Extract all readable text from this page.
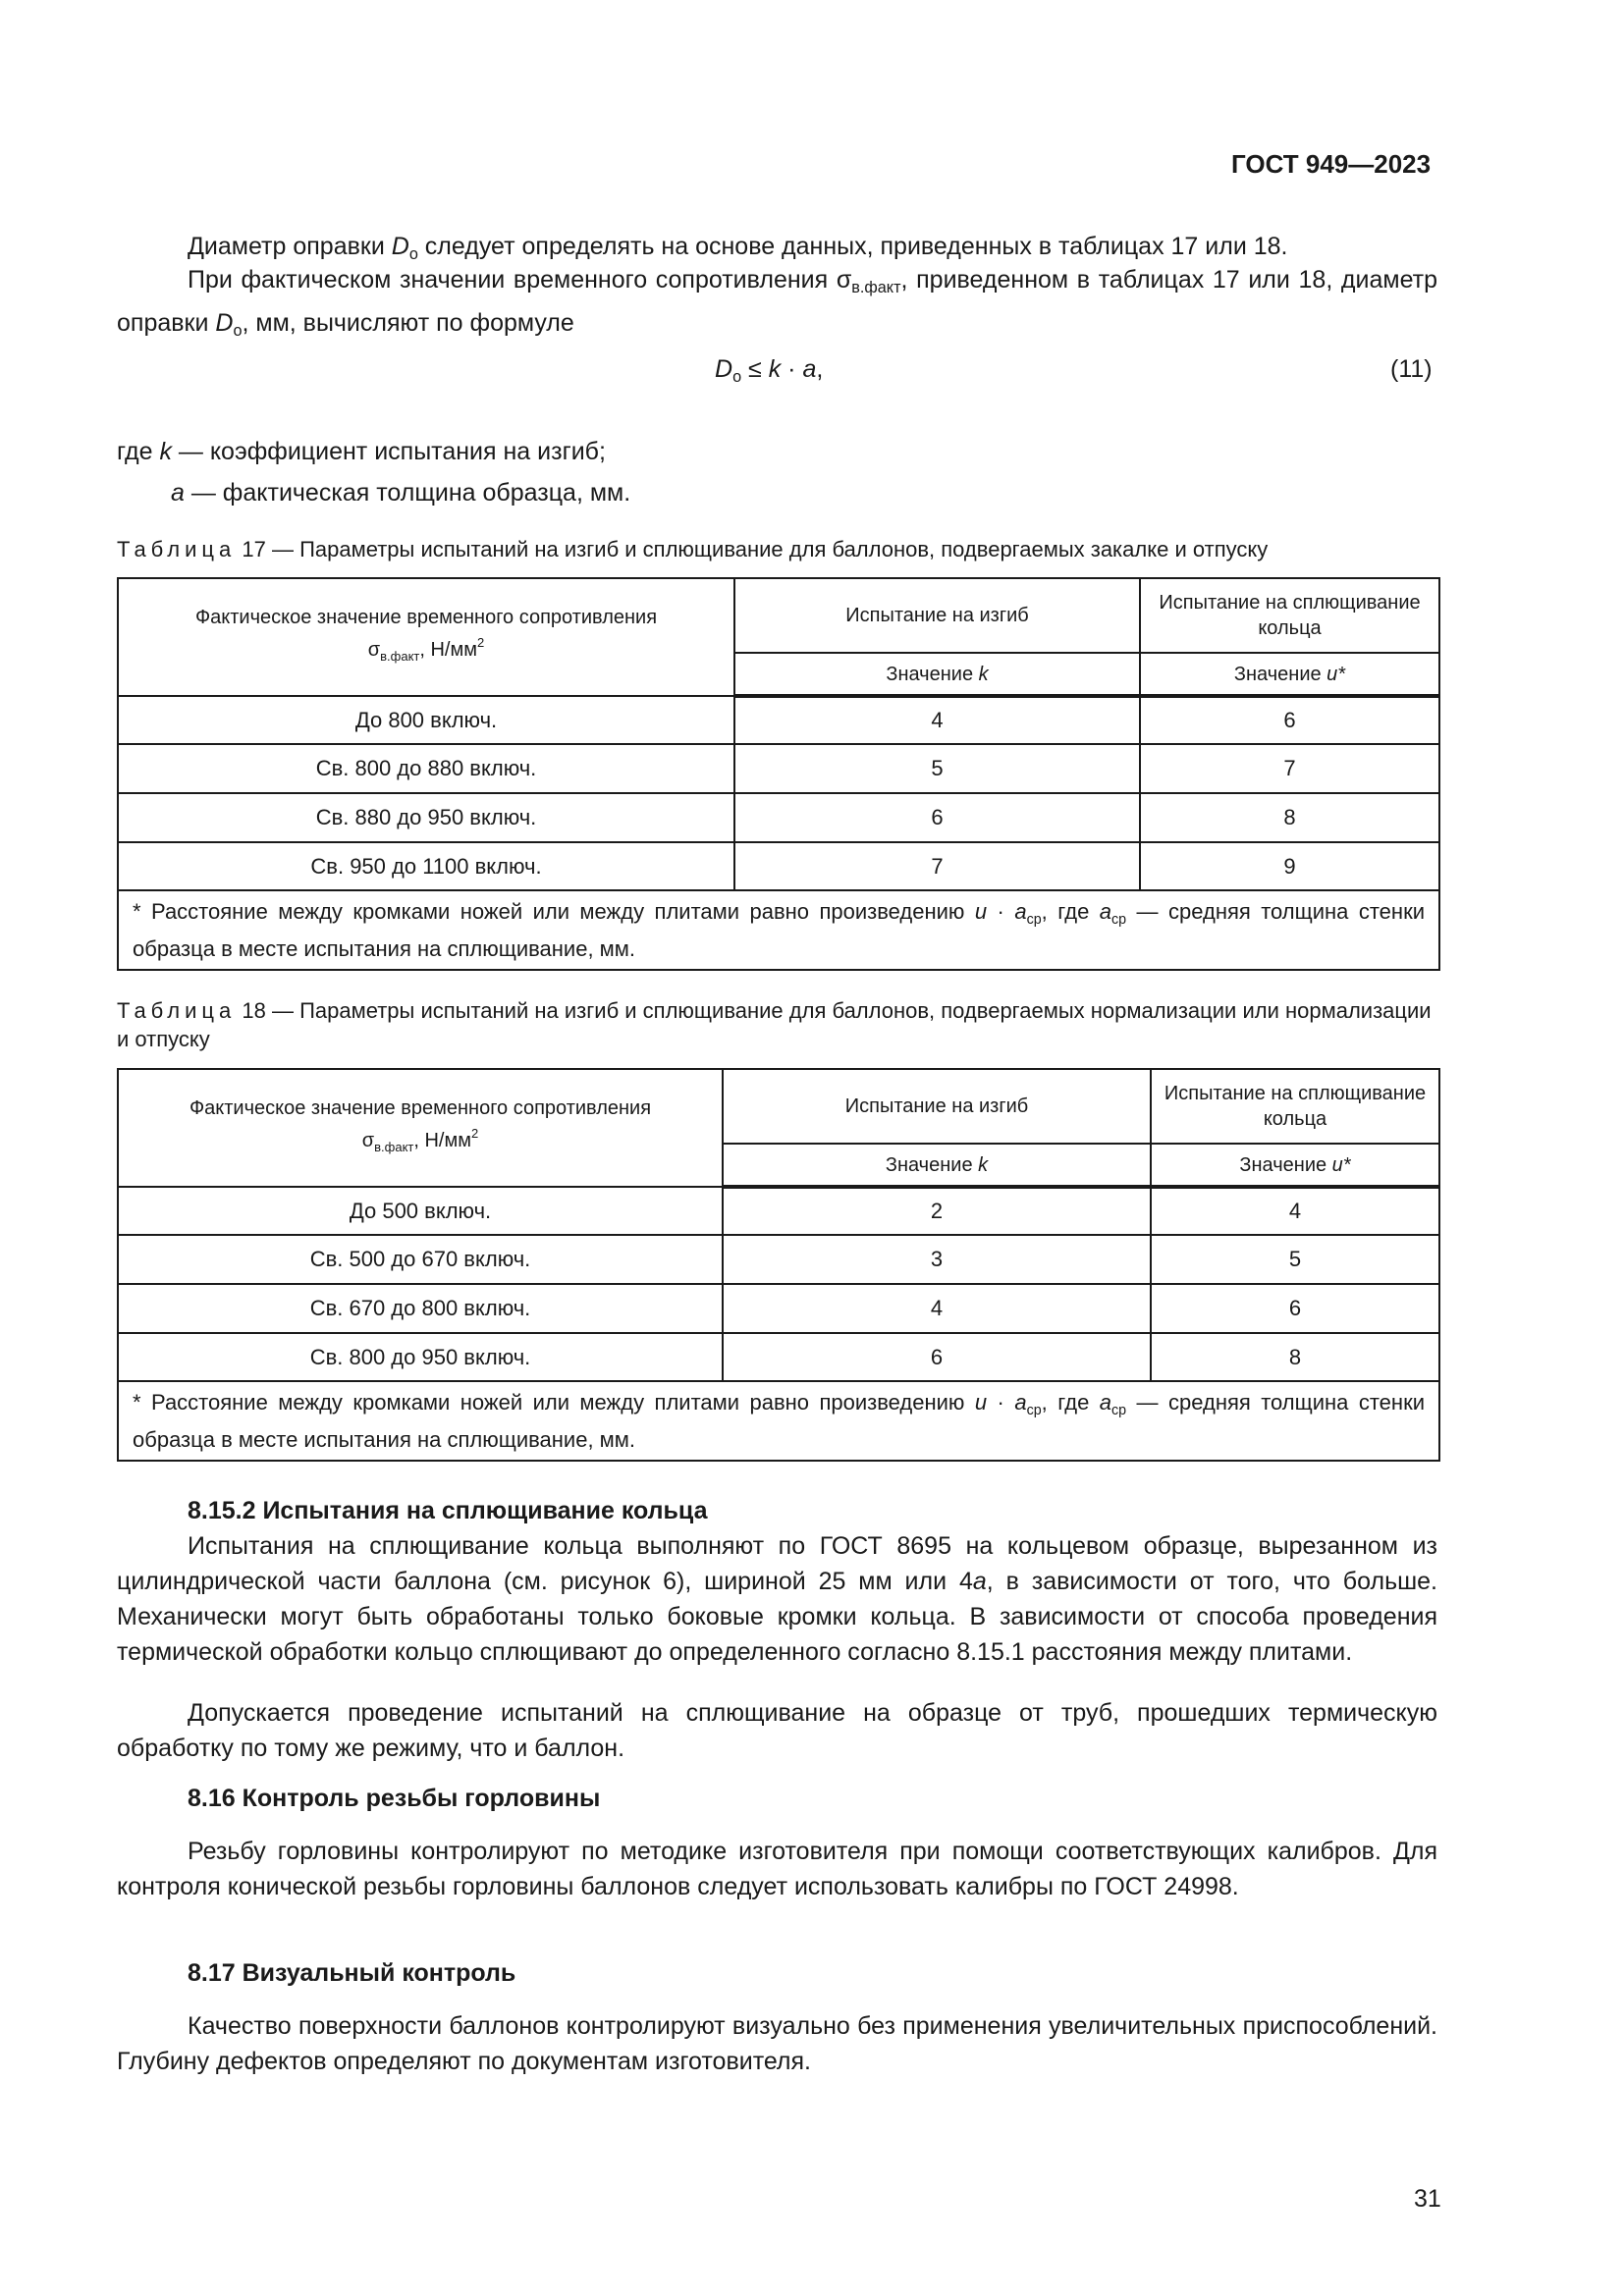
ГОСТ 949—2023

Диаметр оправки $D_o$ следует определять на основе данных, приведенных в таблицах 17 или 18.

При фактическом значении временного сопротивления $\sigma_{в.факт}$, приведенном в таблицах 17 или 18, диаметр оправки $D_o$, мм, вычисляют по формуле

$D_o \le k \cdot a$,	(11)
где k — коэффициент испытания на изгиб;
a — фактическая толщина образца, мм.
Таблица 17 — Параметры испытаний на изгиб и сплющивание для баллонов, подвергаемых закалке и отпуску
Фактическое значение временного сопротивления
$\sigma_{в.факт}$, $Н/мм^2$	Испытание на изгиб	Испытание на сплющивание кольца
	Значение k	Значение u*
До 800 включ.	4	6
Св. 800 до 880 включ.	5	7
Св. 880 до 950 включ.	6	8
Св. 950 до 1100 включ.	7	9
* Расстояние между кромками ножей или между плитами равно произведению $u \cdot a_{ср}$, где $a_{ср}$ — средняя толщина стенки образца в месте испытания на сплющивание, мм.		
Таблица 18 — Параметры испытаний на изгиб и сплющивание для баллонов, подвергаемых нормализации или нормализации и отпуску
Фактическое значение временного сопротивления
$\sigma_{в.факт}$, $Н/мм^2$	Испытание на изгиб	Испытание на сплющивание кольца
	Значение k	Значение u*
До 500 включ.	2	4
Св. 500 до 670 включ.	3	5
Св. 670 до 800 включ.	4	6
Св. 800 до 950 включ.	6	8
* Расстояние между кромками ножей или между плитами равно произведению $u \cdot a_{ср}$, где $a_{ср}$ — средняя толщина стенки образца в месте испытания на сплющивание, мм.		
8.15.2 Испытания на сплющивание кольца

Испытания на сплющивание кольца выполняют по ГОСТ 8695 на кольцевом образце, вырезанном из цилиндрической части баллона (см. рисунок 6), шириной 25 мм или 4a, в зависимости от того, что больше. Механически могут быть обработаны только боковые кромки кольца. В зависимости от способа проведения термической обработки кольцо сплющивают до определенного согласно 8.15.1 расстояния между плитами.

Допускается проведение испытаний на сплющивание на образце от труб, прошедших термическую обработку по тому же режиму, что и баллон.

8.16 Контроль резьбы горловины

Резьбу горловины контролируют по методике изготовителя при помощи соответствующих калибров. Для контроля конической резьбы горловины баллонов следует использовать калибры по ГОСТ 24998.

8.17 Визуальный контроль

Качество поверхности баллонов контролируют визуально без применения увеличительных приспособлений. Глубину дефектов определяют по документам изготовителя.

31
